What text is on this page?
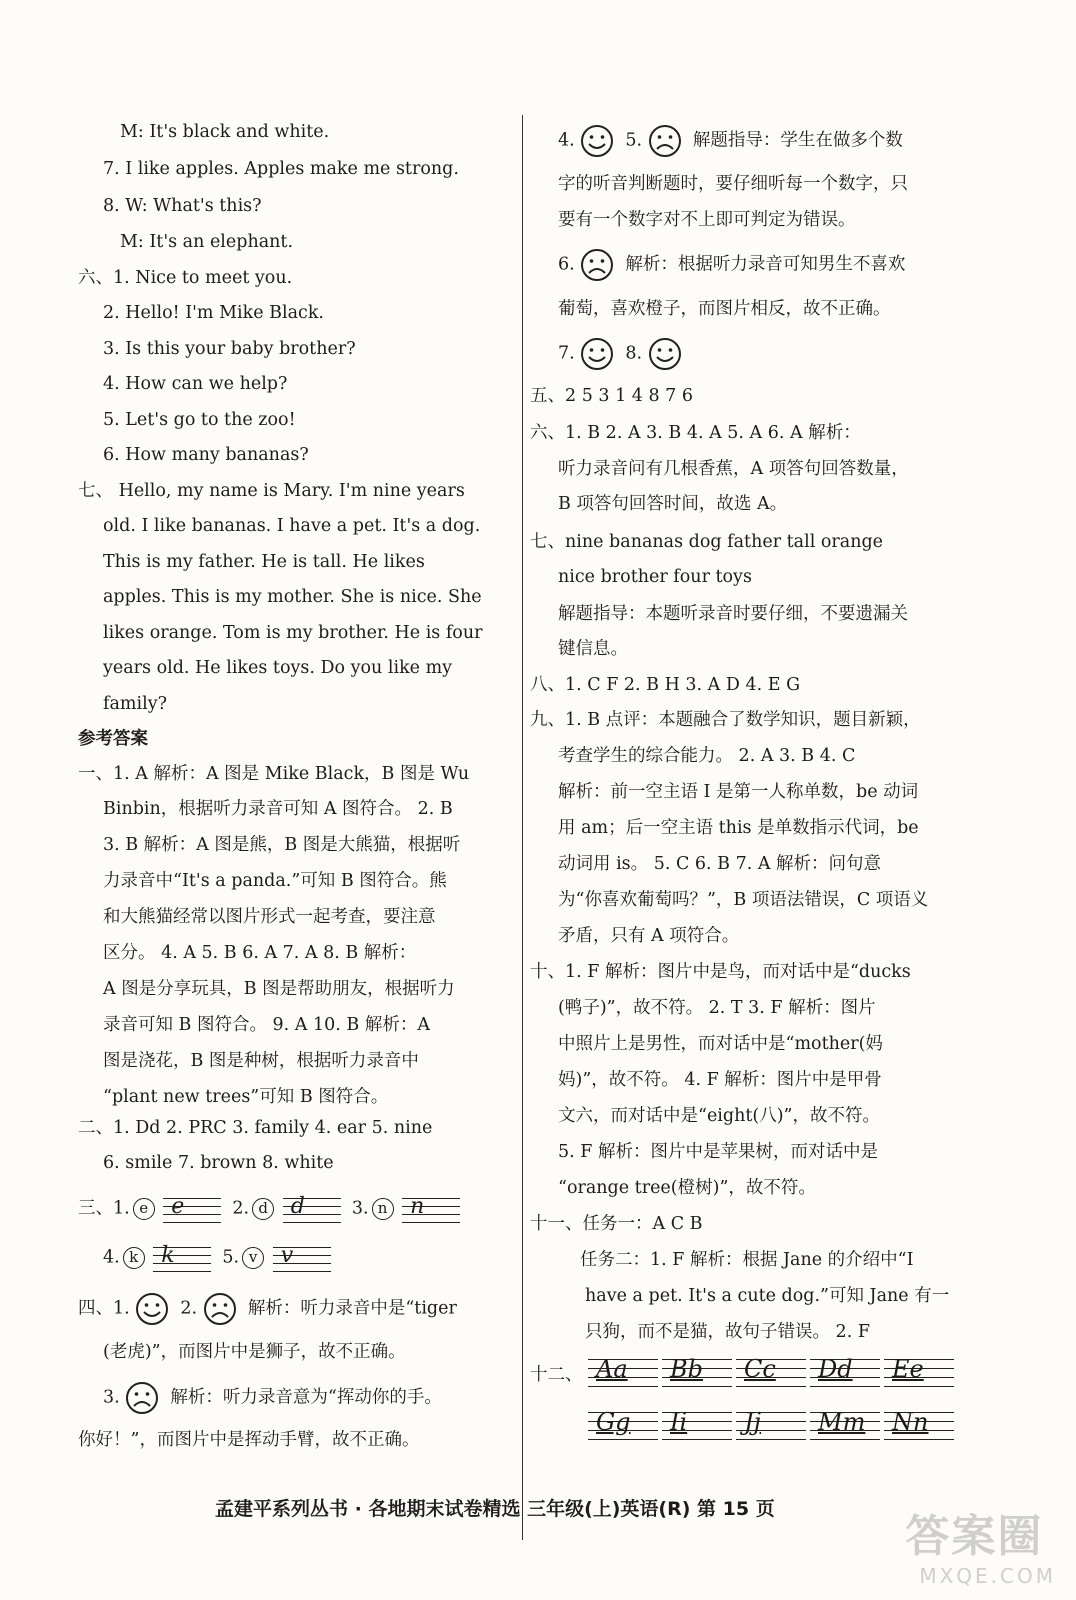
M: It's black and white.
7. I like apples. Apples make me strong.
8. W: What's this?
M: It's an elephant.
六、1. Nice to meet you.
2. Hello! I'm Mike Black.
3. Is this your baby brother?
4. How can we help?
5. Let's go to the zoo!
6. How many bananas?
七、 Hello, my name is Mary. I'm nine years
old. I like bananas. I have a pet. It's a dog.
This is my father. He is tall. He likes
apples. This is my mother. She is nice. She
likes orange. Tom is my brother. He is four
years old. He likes toys. Do you like my
family?
参考答案
一、1. A 解析：A 图是 Mike Black，B 图是 Wu
Binbin，根据听力录音可知 A 图符合。 2. B
3. B 解析：A 图是熊，B 图是大熊猫，根据听
力录音中“It's a panda.”可知 B 图符合。熊
和大熊猫经常以图片形式一起考查，要注意
区分。 4. A 5. B 6. A 7. A 8. B 解析：
A 图是分享玩具，B 图是帮助朋友，根据听力
录音可知 B 图符合。 9. A 10. B 解析：A
图是浇花，B 图是种树，根据听力录音中
“plant new trees”可知 B 图符合。
二、1. Dd 2. PRC 3. family 4. ear 5. nine
6. smile 7. brown 8. white
三、1. e e	2. d d	3. n n
4. k k	5. v v
四、1.	2.	解析：听力录音中是“tiger
(老虎)”，而图片中是狮子，故不正确。
3.	解析：听力录音意为“挥动你的手。
你好！”，而图片中是挥动手臂，故不正确。
4.	5.	解题指导：学生在做多个数
字的听音判断题时，要仔细听每一个数字，只
要有一个数字对不上即可判定为错误。
6.	解析：根据听力录音可知男生不喜欢
葡萄，喜欢橙子，而图片相反，故不正确。
7.	8.
五、2 5 3 1 4 8 7 6
六、1. B 2. A 3. B 4. A 5. A 6. A 解析：
听力录音问有几根香蕉，A 项答句回答数量，
B 项答句回答时间，故选 A。
七、nine bananas dog father tall orange
nice brother four toys
解题指导：本题听录音时要仔细，不要遗漏关
键信息。
八、1. C F 2. B H 3. A D 4. E G
九、1. B 点评：本题融合了数学知识，题目新颖，
考查学生的综合能力。 2. A 3. B 4. C
解析：前一空主语 I 是第一人称单数，be 动词
用 am；后一空主语 this 是单数指示代词，be
动词用 is。 5. C 6. B 7. A 解析：问句意
为“你喜欢葡萄吗？”，B 项语法错误，C 项语义
矛盾，只有 A 项符合。
十、1. F 解析：图片中是鸟，而对话中是“ducks
(鸭子)”，故不符。 2. T 3. F 解析：图片
中照片上是男性，而对话中是“mother(妈
妈)”，故不符。 4. F 解析：图片中是甲骨
文六，而对话中是“eight(八)”，故不符。
5. F 解析：图片中是苹果树，而对话中是
“orange tree(橙树)”，故不符。
十一、任务一：A C B
任务二：1. F 解析：根据 Jane 的介绍中“I
have a pet. It's a cute dog.”可知 Jane 有一
只狗，而不是猫，故句子错误。 2. F
十二、 Aa Bb Cc Dd Ee
Gg Ii Jj Mm Nn
孟建平系列丛书 · 各地期末试卷精选 三年级(上)英语(R) 第 15 页
答案圈
MXQE.COM
